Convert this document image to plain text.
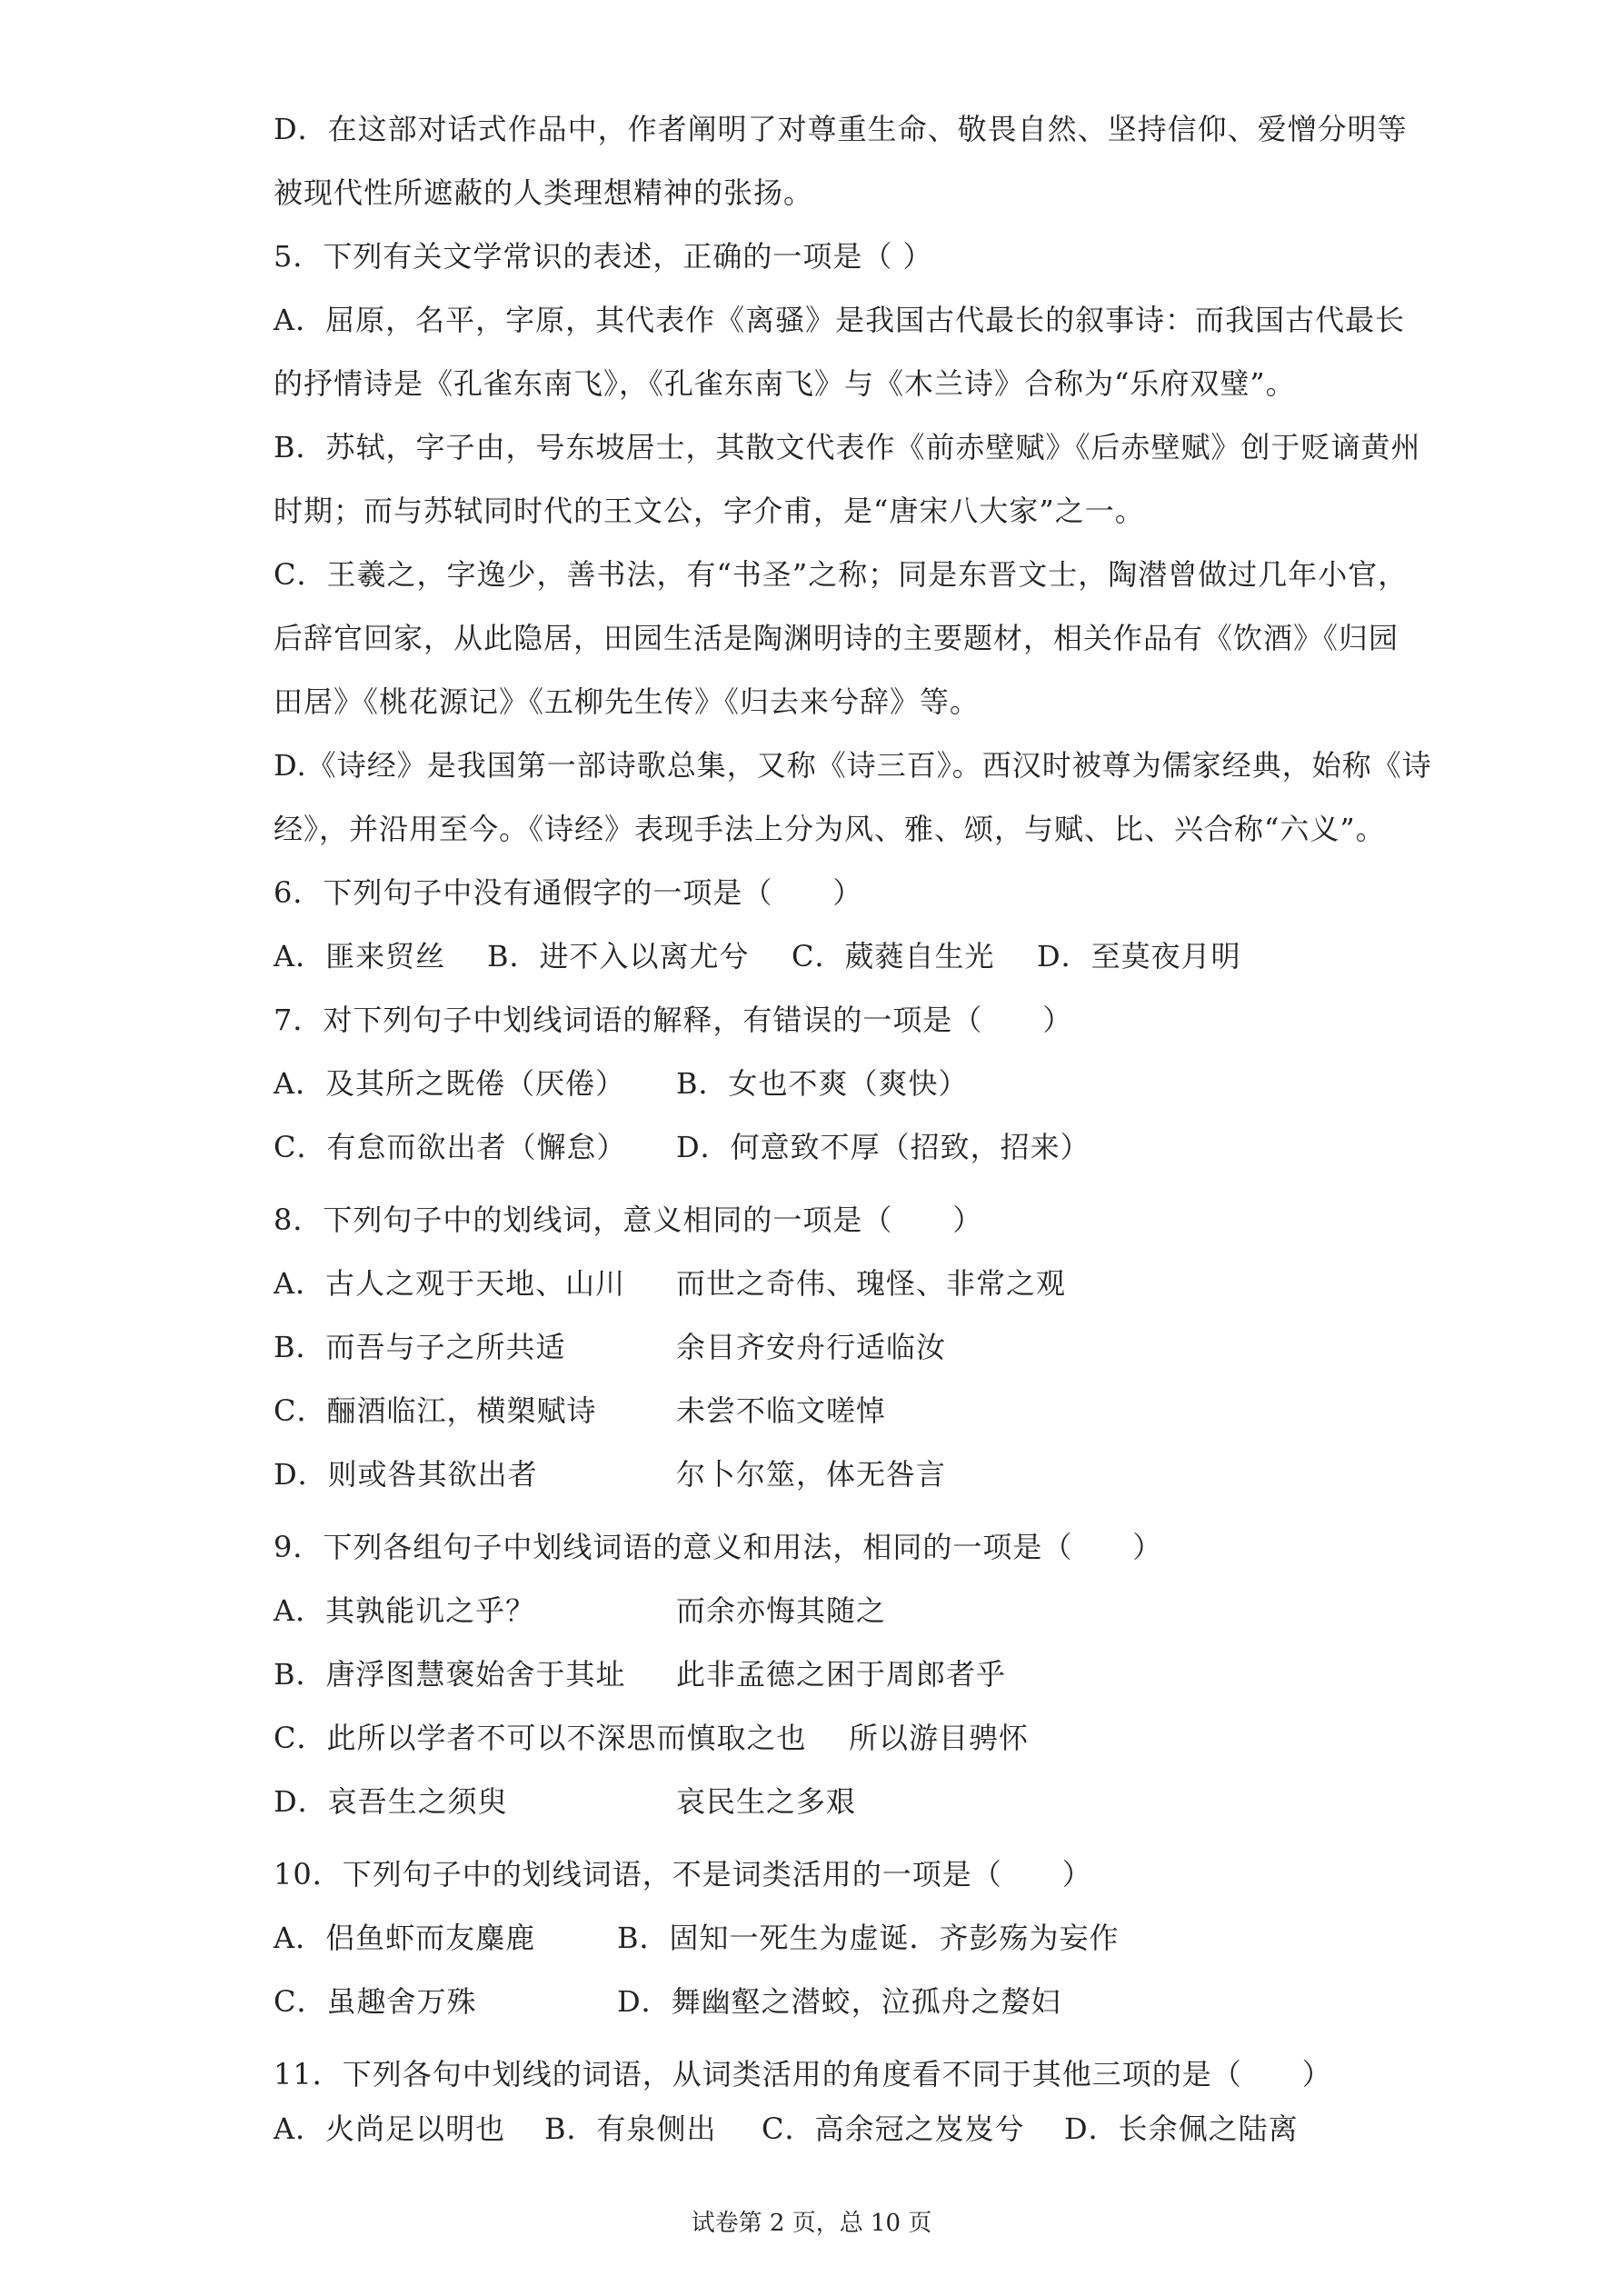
D．在这部对话式作品中，作者阐明了对尊重生命、敬畏自然、坚持信仰、爱憎分明等
被现代性所遮蔽的人类理想精神的张扬。
5．下列有关文学常识的表述，正确的一项是（ ）
A．屈原，名平，字原，其代表作《离骚》是我国古代最长的叙事诗：而我国古代最长
的抒情诗是《孔雀东南飞》，《孔雀东南飞》与《木兰诗》合称为“乐府双璧”。
B．苏轼，字子由，号东坡居士，其散文代表作《前赤壁赋》《后赤壁赋》创于贬谪黄州
时期；而与苏轼同时代的王文公，字介甫，是“唐宋八大家”之一。
C．王羲之，字逸少，善书法，有“书圣”之称；同是东晋文士，陶潜曾做过几年小官，
后辞官回家，从此隐居，田园生活是陶渊明诗的主要题材，相关作品有《饮酒》《归园
田居》《桃花源记》《五柳先生传》《归去来兮辞》等。
D.《诗经》是我国第一部诗歌总集，又称《诗三百》。西汉时被尊为儒家经典，始称《诗
经》，并沿用至今。《诗经》表现手法上分为风、雅、颂，与赋、比、兴合称“六义”。
6．下列句子中没有通假字的一项是（　　）
A．匪来贸丝 B．进不入以离尤兮 C．葳蕤自生光 D．至莫夜月明
7．对下列句子中划线词语的解释，有错误的一项是（　　）
A．及其所之既倦（厌倦） B．女也不爽（爽快）
C．有怠而欲出者（懈怠） D．何意致不厚（招致，招来）
8．下列句子中的划线词，意义相同的一项是（　　）
A．古人之观于天地、山川 而世之奇伟、瑰怪、非常之观
B．而吾与子之所共适	余目齐安舟行适临汝
C．酾酒临江，横槊赋诗	未尝不临文嗟悼
D．则或咎其欲出者	尔卜尔筮，体无咎言
9．下列各组句子中划线词语的意义和用法，相同的一项是（　　）
A．其孰能讥之乎？	而余亦悔其随之
B．唐浮图慧褒始舍于其址 此非孟德之困于周郎者乎
C．此所以学者不可以不深思而慎取之也 所以游目骋怀
D．哀吾生之须臾	哀民生之多艰
10．下列句子中的划线词语，不是词类活用的一项是（　　）
A．侣鱼虾而友麋鹿	B．固知一死生为虚诞．齐彭殇为妄作
C．虽趣舍万殊	D．舞幽壑之潜蛟，泣孤舟之嫠妇
11．下列各句中划线的词语，从词类活用的角度看不同于其他三项的是（　　）
A．火尚足以明也 B．有泉侧出 C．高余冠之岌岌兮 D．长余佩之陆离
试卷第 2 页，总 10 页
